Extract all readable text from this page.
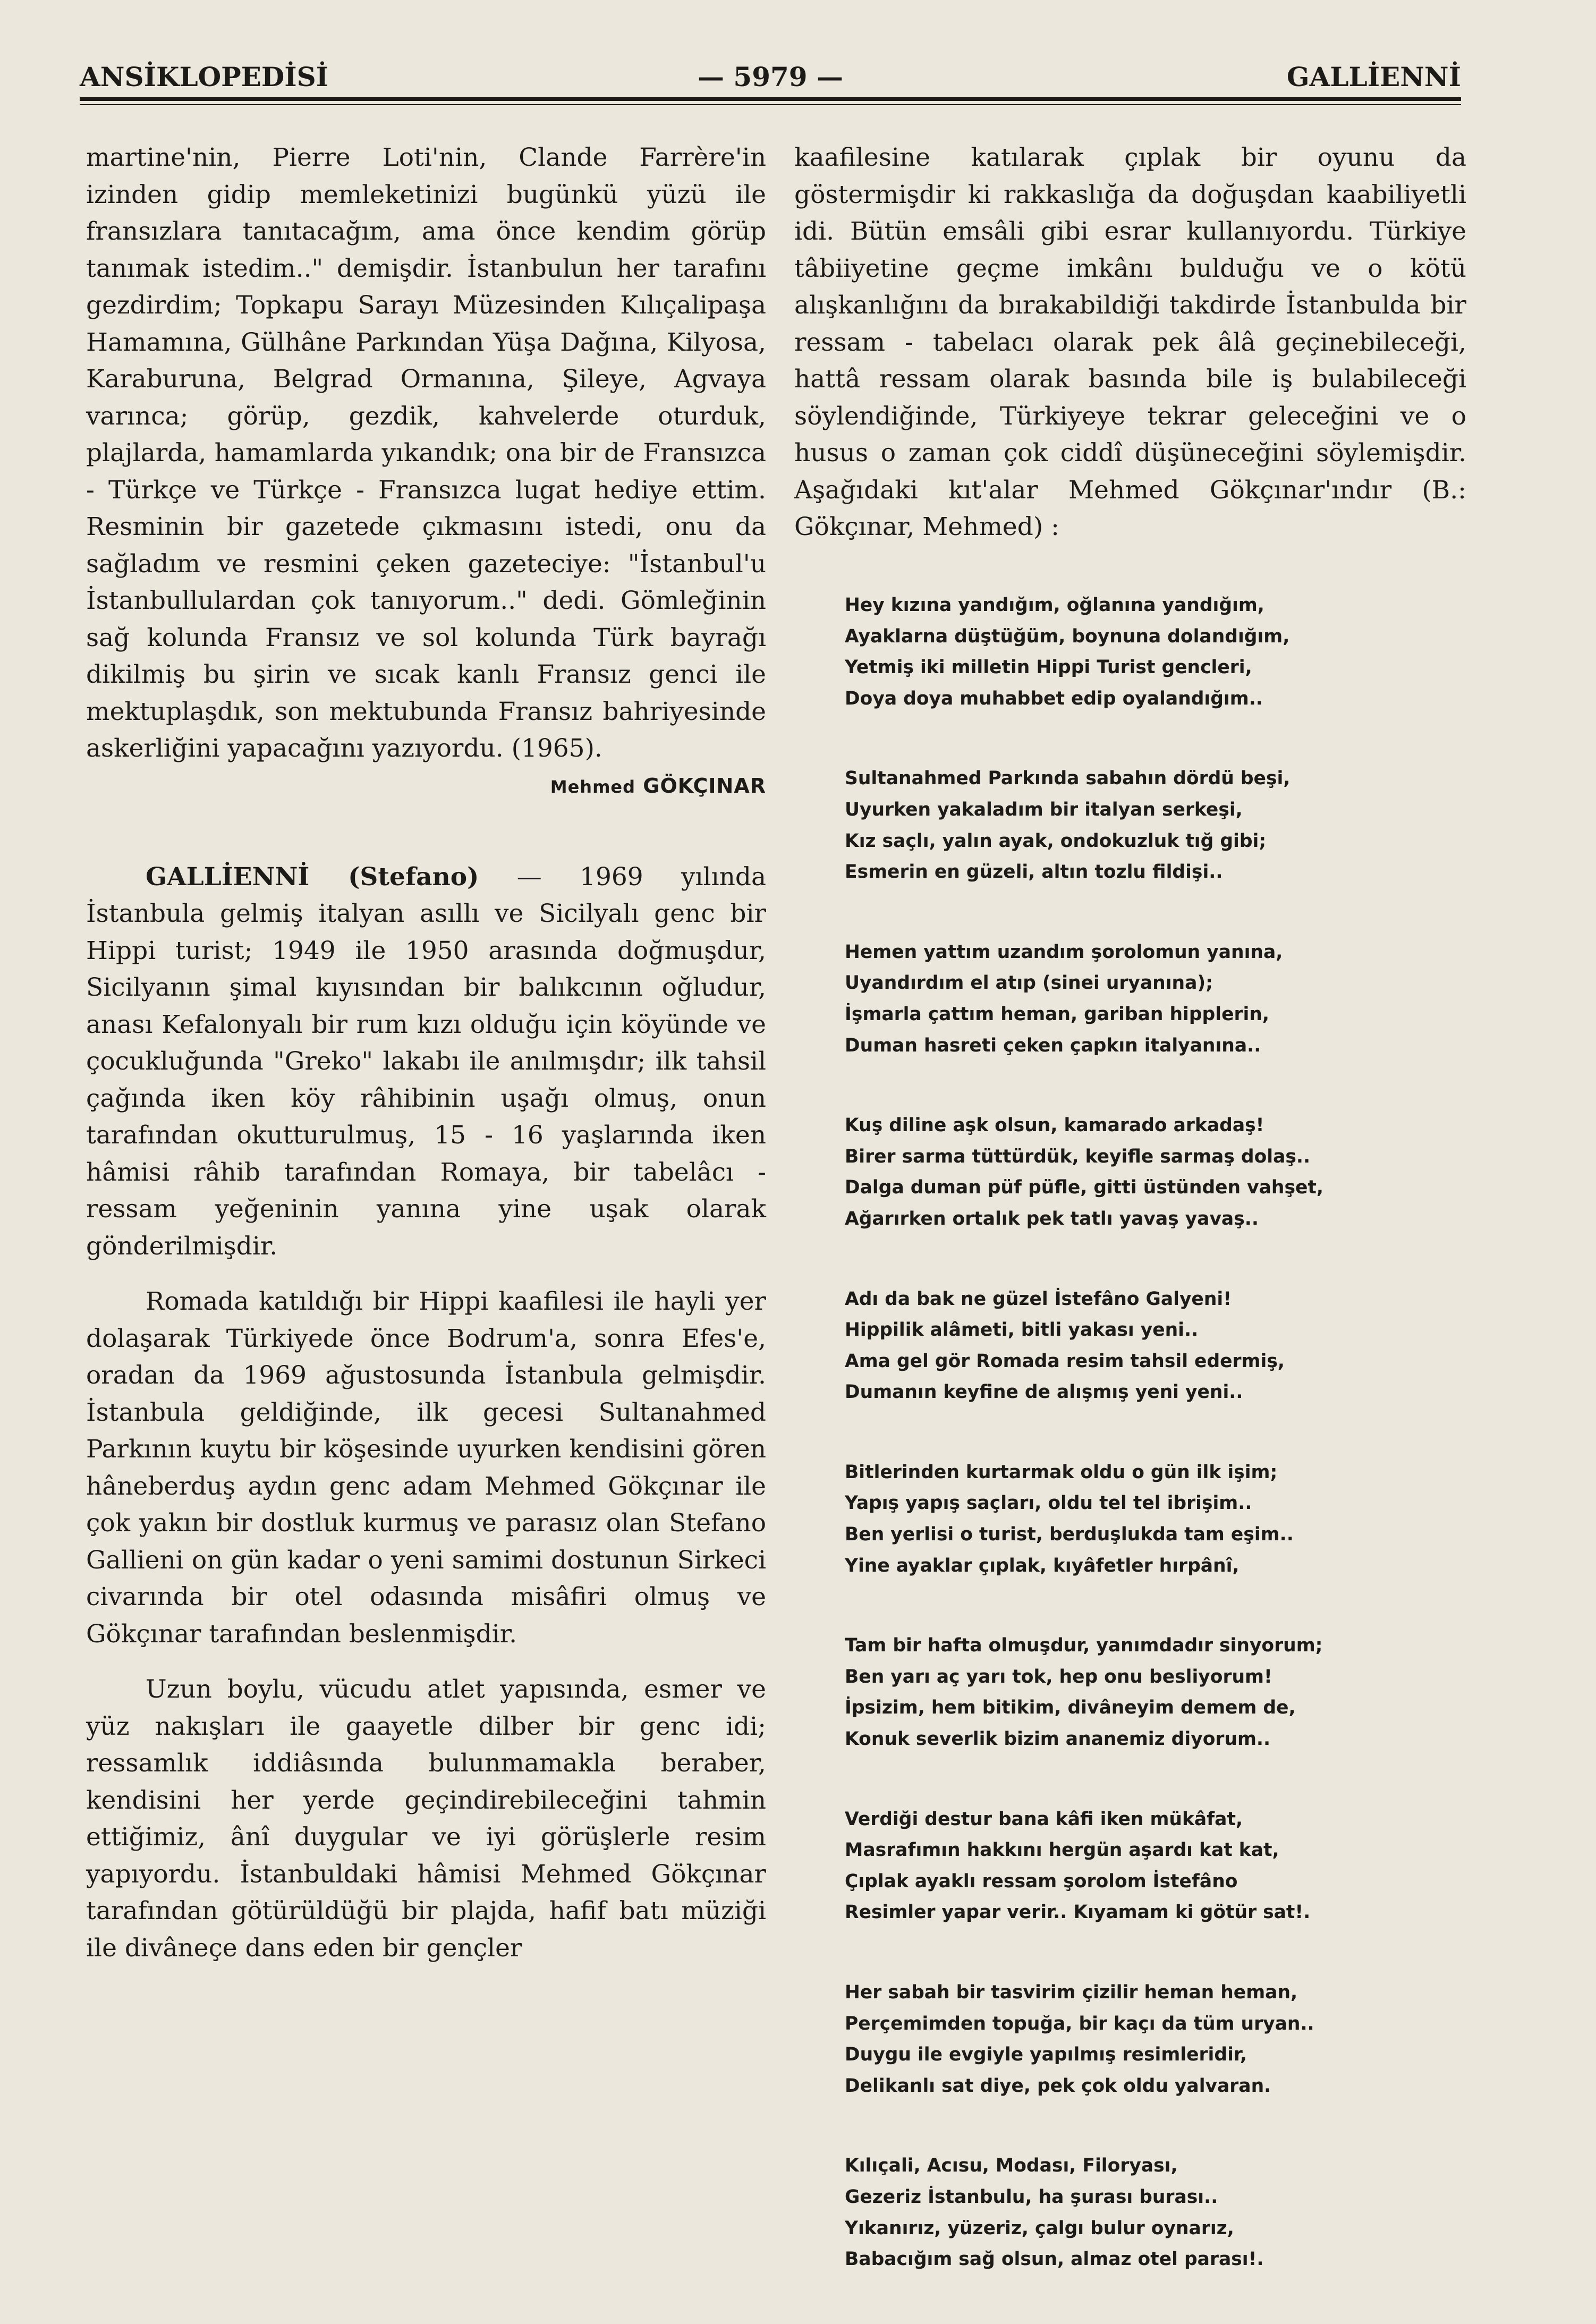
ANSİKLOPEDİSİ	— 5979 —	GALLİENNİ

martine'nin, Pierre Loti'nin, Clande Farrère'in izinden gidip memleketinizi bugünkü yüzü ile fransızlara tanıtacağım, ama önce kendim görüp tanımak istedim.." demişdir. İstanbulun her tarafını gezdirdim; Topkapu Sarayı Müzesinden Kılıçalipaşa Hamamına, Gülhâne Parkından Yüşa Dağına, Kilyosa, Karaburuna, Belgrad Ormanına, Şileye, Agvaya varınca; görüp, gezdik, kahvelerde oturduk, plajlarda, hamamlarda yıkandık; ona bir de Fransızca - Türkçe ve Türkçe - Fransızca lugat hediye ettim. Resminin bir gazetede çıkmasını istedi, onu da sağladım ve resmini çeken gazeteciye: "İstanbul'u İstanbullulardan çok tanıyorum.." dedi. Gömleğinin sağ kolunda Fransız ve sol kolunda Türk bayrağı dikilmiş bu şirin ve sıcak kanlı Fransız genci ile mektuplaşdık, son mektubunda Fransız bahriyesinde askerliğini yapacağını yazıyordu. (1965).

Mehmed GÖKÇINAR

GALLİENNİ (Stefano) — 1969 yılında İstanbula gelmiş italyan asıllı ve Sicilyalı genc bir Hippi turist; 1949 ile 1950 arasında doğmuşdur, Sicilyanın şimal kıyısından bir balıkcının oğludur, anası Kefalonyalı bir rum kızı olduğu için köyünde ve çocukluğunda "Greko" lakabı ile anılmışdır; ilk tahsil çağında iken köy râhibinin uşağı olmuş, onun tarafından okutturulmuş, 15 - 16 yaşlarında iken hâmisi râhib tarafından Romaya, bir tabelâcı - ressam yeğeninin yanına yine uşak olarak gönderilmişdir.

Romada katıldığı bir Hippi kaafilesi ile hayli yer dolaşarak Türkiyede önce Bodrum'a, sonra Efes'e, oradan da 1969 ağustosunda İstanbula gelmişdir. İstanbula geldiğinde, ilk gecesi Sultanahmed Parkının kuytu bir köşesinde uyurken kendisini gören hâneberduş aydın genc adam Mehmed Gökçınar ile çok yakın bir dostluk kurmuş ve parasız olan Stefano Gallieni on gün kadar o yeni samimi dostunun Sirkeci civarında bir otel odasında misâfiri olmuş ve Gökçınar tarafından beslenmişdir.

Uzun boylu, vücudu atlet yapısında, esmer ve yüz nakışları ile gaayetle dilber bir genc idi; ressamlık iddiâsında bulunmamakla beraber, kendisini her yerde geçindirebileceğini tahmin ettiğimiz, ânî duygular ve iyi görüşlerle resim yapıyordu. İstanbuldaki hâmisi Mehmed Gökçınar tarafından götürüldüğü bir plajda, hafif batı müziği ile divâneçe dans eden bir gençler

kaafilesine katılarak çıplak bir oyunu da göstermişdir ki rakkaslığa da doğuşdan kaabiliyetli idi. Bütün emsâli gibi esrar kullanıyordu. Türkiye tâbiiyetine geçme imkânı bulduğu ve o kötü alışkanlığını da bırakabildiği takdirde İstanbulda bir ressam - tabelacı olarak pek âlâ geçinebileceği, hattâ ressam olarak basında bile iş bulabileceği söylendiğinde, Türkiyeye tekrar geleceğini ve o husus o zaman çok ciddî düşüneceğini söylemişdir. Aşağıdaki kıt'alar Mehmed Gökçınar'ındır (B.: Gökçınar, Mehmed) :

Hey kızına yandığım, oğlanına yandığım,
Ayaklarna düştüğüm, boynuna dolandığım,
Yetmiş iki milletin Hippi Turist gencleri,
Doya doya muhabbet edip oyalandığım..
Sultanahmed Parkında sabahın dördü beşi,
Uyurken yakaladım bir italyan serkeşi,
Kız saçlı, yalın ayak, ondokuzluk tığ gibi;
Esmerin en güzeli, altın tozlu fildişi..
Hemen yattım uzandım şorolomun yanına,
Uyandırdım el atıp (sinei uryanına);
İşmarla çattım heman, gariban hipplerin,
Duman hasreti çeken çapkın italyanına..
Kuş diline aşk olsun, kamarado arkadaş!
Birer sarma tüttürdük, keyifle sarmaş dolaş..
Dalga duman püf püfle, gitti üstünden vahşet,
Ağarırken ortalık pek tatlı yavaş yavaş..
Adı da bak ne güzel İstefâno Galyeni!
Hippilik alâmeti, bitli yakası yeni..
Ama gel gör Romada resim tahsil edermiş,
Dumanın keyfine de alışmış yeni yeni..
Bitlerinden kurtarmak oldu o gün ilk işim;
Yapış yapış saçları, oldu tel tel ibrişim..
Ben yerlisi o turist, berduşlukda tam eşim..
Yine ayaklar çıplak, kıyâfetler hırpânî,
Tam bir hafta olmuşdur, yanımdadır sinyorum;
Ben yarı aç yarı tok, hep onu besliyorum!
İpsizim, hem bitikim, divâneyim demem de,
Konuk severlik bizim ananemiz diyorum..
Verdiği destur bana kâfi iken mükâfat,
Masrafımın hakkını hergün aşardı kat kat,
Çıplak ayaklı ressam şorolom İstefâno
Resimler yapar verir.. Kıyamam ki götür sat!.
Her sabah bir tasvirim çizilir heman heman,
Perçemimden topuğa, bir kaçı da tüm uryan..
Duygu ile evgiyle yapılmış resimleridir,
Delikanlı sat diye, pek çok oldu yalvaran.
Kılıçali, Acısu, Modası, Filoryası,
Gezeriz İstanbulu, ha şurası burası..
Yıkanırız, yüzeriz, çalgı bulur oynarız,
Babacığım sağ olsun, almaz otel parası!.
